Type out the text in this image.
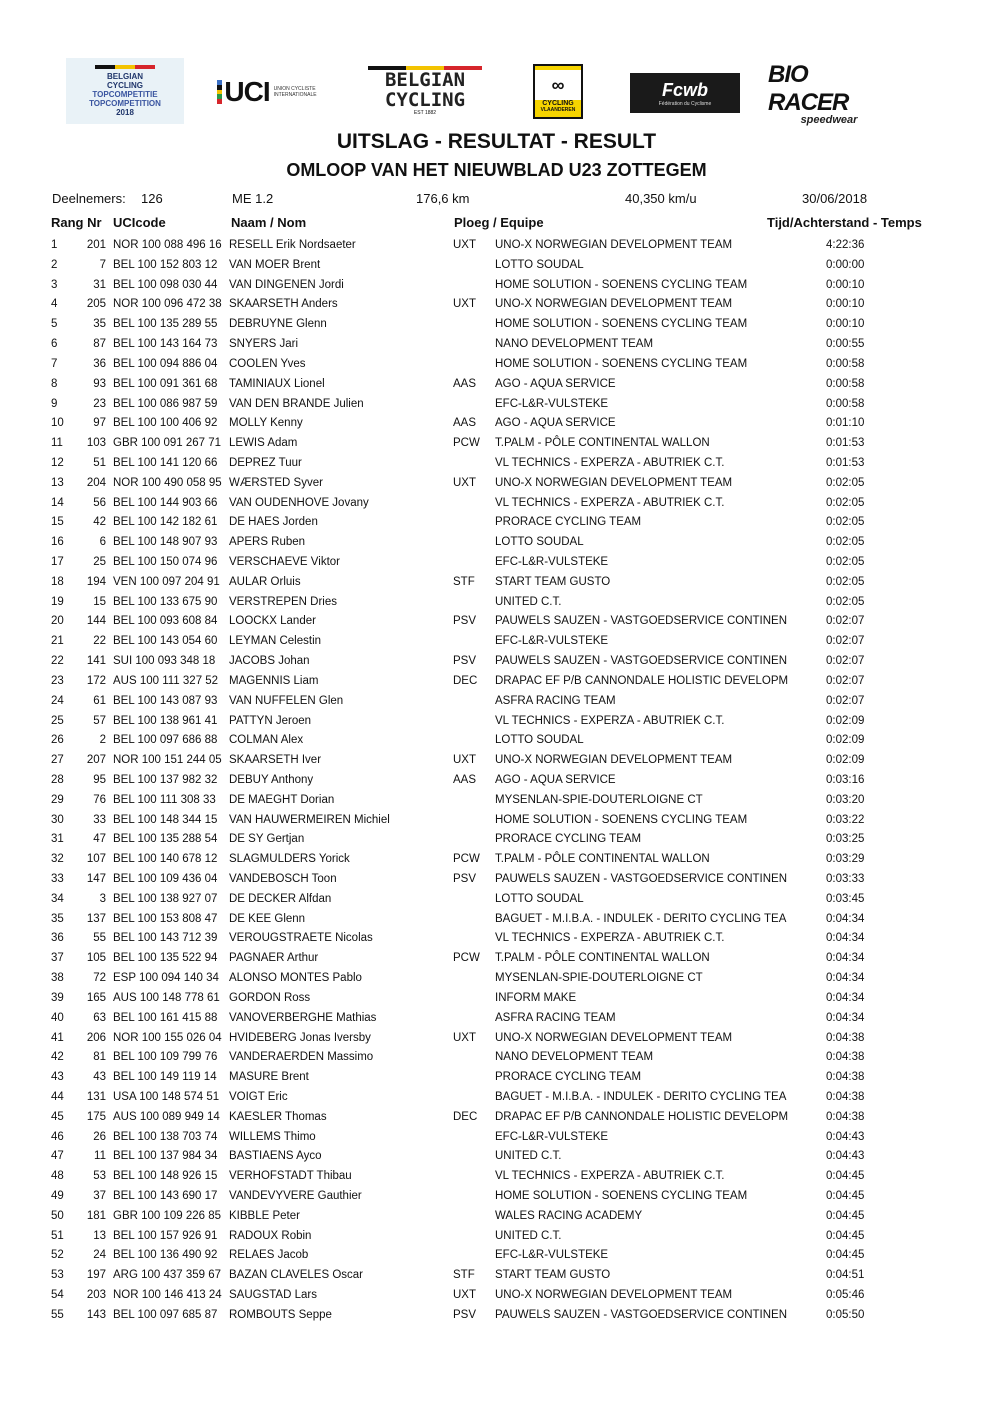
BELGIAN
CYCLING
TOPCOMPETITIE
TOPCOMPETITION
2018
UCI UNION CYCLISTE INTERNATIONALE
BELGIAN
CYCLING
EST 1882
∞
CYCLING
VLAANDEREN
Fcwb
Fédération du Cyclisme
BIO RACER
speedwear
UITSLAG - RESULTAT - RESULT
OMLOOP VAN HET NIEUWBLAD U23 ZOTTEGEM
Deelnemers: 126	ME 1.2	176,6 km	40,350 km/u	30/06/2018
Rang Nr UCIcode	Naam / Nom	Ploeg / Equipe	Tijd/Achterstand - Temps
1	201 NOR 100 088 496 16 RESELL Erik Nordsaeter	UXT UNO-X NORWEGIAN DEVELOPMENT TEAM	4:22:36
2	7 BEL 100 152 803 12 VAN MOER Brent	LOTTO SOUDAL	0:00:00
3	31 BEL 100 098 030 44 VAN DINGENEN Jordi	HOME SOLUTION - SOENENS CYCLING TEAM	0:00:10
4	205 NOR 100 096 472 38 SKAARSETH Anders	UXT UNO-X NORWEGIAN DEVELOPMENT TEAM	0:00:10
5	35 BEL 100 135 289 55 DEBRUYNE Glenn	HOME SOLUTION - SOENENS CYCLING TEAM	0:00:10
6	87 BEL 100 143 164 73 SNYERS Jari	NANO DEVELOPMENT TEAM	0:00:55
7	36 BEL 100 094 886 04 COOLEN Yves	HOME SOLUTION - SOENENS CYCLING TEAM	0:00:58
8	93 BEL 100 091 361 68 TAMINIAUX Lionel	AAS AGO - AQUA SERVICE	0:00:58
9	23 BEL 100 086 987 59 VAN DEN BRANDE Julien	EFC-L&R-VULSTEKE	0:00:58
10	97 BEL 100 100 406 92 MOLLY Kenny	AAS AGO - AQUA SERVICE	0:01:10
11	103 GBR 100 091 267 71 LEWIS Adam	PCW T.PALM - PÔLE CONTINENTAL WALLON	0:01:53
12	51 BEL 100 141 120 66 DEPREZ Tuur	VL TECHNICS - EXPERZA - ABUTRIEK C.T.	0:01:53
13	204 NOR 100 490 058 95 WÆRSTED Syver	UXT UNO-X NORWEGIAN DEVELOPMENT TEAM	0:02:05
14	56 BEL 100 144 903 66 VAN OUDENHOVE Jovany	VL TECHNICS - EXPERZA - ABUTRIEK C.T.	0:02:05
15	42 BEL 100 142 182 61 DE HAES Jorden	PRORACE CYCLING TEAM	0:02:05
16	6 BEL 100 148 907 93 APERS Ruben	LOTTO SOUDAL	0:02:05
17	25 BEL 100 150 074 96 VERSCHAEVE Viktor	EFC-L&R-VULSTEKE	0:02:05
18	194 VEN 100 097 204 91 AULAR Orluis	STF START TEAM GUSTO	0:02:05
19	15 BEL 100 133 675 90 VERSTREPEN Dries	UNITED C.T.	0:02:05
20	144 BEL 100 093 608 84 LOOCKX Lander	PSV PAUWELS SAUZEN - VASTGOEDSERVICE CONTINEN	0:02:07
21	22 BEL 100 143 054 60 LEYMAN Celestin	EFC-L&R-VULSTEKE	0:02:07
22	141 SUI 100 093 348 18 JACOBS Johan	PSV PAUWELS SAUZEN - VASTGOEDSERVICE CONTINEN	0:02:07
23	172 AUS 100 111 327 52 MAGENNIS Liam	DEC DRAPAC EF P/B CANNONDALE HOLISTIC DEVELOPM	0:02:07
24	61 BEL 100 143 087 93 VAN NUFFELEN Glen	ASFRA RACING TEAM	0:02:07
25	57 BEL 100 138 961 41 PATTYN Jeroen	VL TECHNICS - EXPERZA - ABUTRIEK C.T.	0:02:09
26	2 BEL 100 097 686 88 COLMAN Alex	LOTTO SOUDAL	0:02:09
27	207 NOR 100 151 244 05 SKAARSETH Iver	UXT UNO-X NORWEGIAN DEVELOPMENT TEAM	0:02:09
28	95 BEL 100 137 982 32 DEBUY Anthony	AAS AGO - AQUA SERVICE	0:03:16
29	76 BEL 100 111 308 33 DE MAEGHT Dorian	MYSENLAN-SPIE-DOUTERLOIGNE CT	0:03:20
30	33 BEL 100 148 344 15 VAN HAUWERMEIREN Michiel	HOME SOLUTION - SOENENS CYCLING TEAM	0:03:22
31	47 BEL 100 135 288 54 DE SY Gertjan	PRORACE CYCLING TEAM	0:03:25
32	107 BEL 100 140 678 12 SLAGMULDERS Yorick	PCW T.PALM - PÔLE CONTINENTAL WALLON	0:03:29
33	147 BEL 100 109 436 04 VANDEBOSCH Toon	PSV PAUWELS SAUZEN - VASTGOEDSERVICE CONTINEN	0:03:33
34	3 BEL 100 138 927 07 DE DECKER Alfdan	LOTTO SOUDAL	0:03:45
35	137 BEL 100 153 808 47 DE KEE Glenn	BAGUET - M.I.B.A. - INDULEK - DERITO CYCLING TEA	0:04:34
36	55 BEL 100 143 712 39 VEROUGSTRAETE Nicolas	VL TECHNICS - EXPERZA - ABUTRIEK C.T.	0:04:34
37	105 BEL 100 135 522 94 PAGNAER Arthur	PCW T.PALM - PÔLE CONTINENTAL WALLON	0:04:34
38	72 ESP 100 094 140 34 ALONSO MONTES Pablo	MYSENLAN-SPIE-DOUTERLOIGNE CT	0:04:34
39	165 AUS 100 148 778 61 GORDON Ross	INFORM MAKE	0:04:34
40	63 BEL 100 161 415 88 VANOVERBERGHE Mathias	ASFRA RACING TEAM	0:04:34
41	206 NOR 100 155 026 04 HVIDEBERG Jonas Iversby	UXT UNO-X NORWEGIAN DEVELOPMENT TEAM	0:04:38
42	81 BEL 100 109 799 76 VANDERAERDEN Massimo	NANO DEVELOPMENT TEAM	0:04:38
43	43 BEL 100 149 119 14 MASURE Brent	PRORACE CYCLING TEAM	0:04:38
44	131 USA 100 148 574 51 VOIGT Eric	BAGUET - M.I.B.A. - INDULEK - DERITO CYCLING TEA	0:04:38
45	175 AUS 100 089 949 14 KAESLER Thomas	DEC DRAPAC EF P/B CANNONDALE HOLISTIC DEVELOPM	0:04:38
46	26 BEL 100 138 703 74 WILLEMS Thimo	EFC-L&R-VULSTEKE	0:04:43
47	11 BEL 100 137 984 34 BASTIAENS Ayco	UNITED C.T.	0:04:43
48	53 BEL 100 148 926 15 VERHOFSTADT Thibau	VL TECHNICS - EXPERZA - ABUTRIEK C.T.	0:04:45
49	37 BEL 100 143 690 17 VANDEVYVERE Gauthier	HOME SOLUTION - SOENENS CYCLING TEAM	0:04:45
50	181 GBR 100 109 226 85 KIBBLE Peter	WALES RACING ACADEMY	0:04:45
51	13 BEL 100 157 926 91 RADOUX Robin	UNITED C.T.	0:04:45
52	24 BEL 100 136 490 92 RELAES Jacob	EFC-L&R-VULSTEKE	0:04:45
53	197 ARG 100 437 359 67 BAZAN CLAVELES Oscar	STF START TEAM GUSTO	0:04:51
54	203 NOR 100 146 413 24 SAUGSTAD Lars	UXT UNO-X NORWEGIAN DEVELOPMENT TEAM	0:05:46
55	143 BEL 100 097 685 87 ROMBOUTS Seppe	PSV PAUWELS SAUZEN - VASTGOEDSERVICE CONTINEN	0:05:50
